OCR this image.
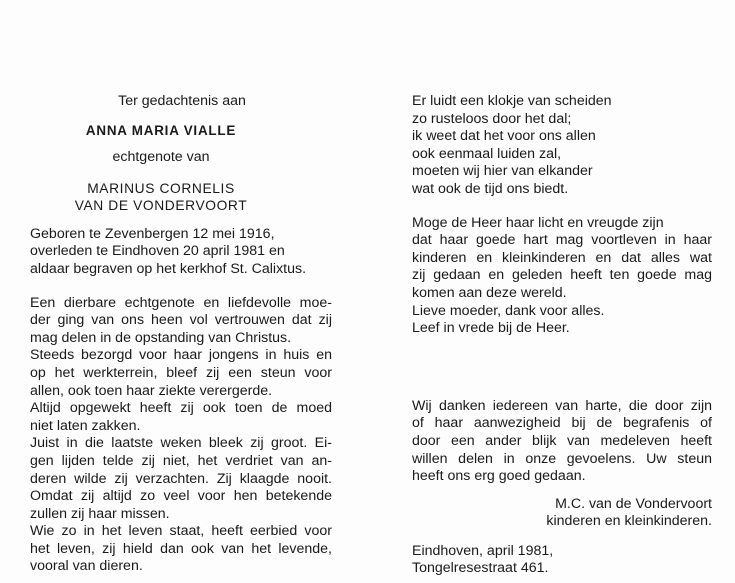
Ter gedachtenis aan
ANNA MARIA VIALLE
echtgenote van
MARINUS CORNELIS
VAN DE VONDERVOORT
Geboren te Zevenbergen 12 mei 1916,
overleden te Eindhoven 20 april 1981 en
aldaar begraven op het kerkhof St. Calixtus.
Een dierbare echtgenote en liefdevolle moe-
der ging van ons heen vol vertrouwen dat zij
mag delen in de opstanding van Christus.
Steeds bezorgd voor haar jongens in huis en
op het werkterrein, bleef zij een steun voor
allen, ook toen haar ziekte verergerde.
Altijd opgewekt heeft zij ook toen de moed
niet laten zakken.
Juist in die laatste weken bleek zij groot. Ei-
gen lijden telde zij niet, het verdriet van an-
deren wilde zij verzachten. Zij klaagde nooit.
Omdat zij altijd zo veel voor hen betekende
zullen zij haar missen.
Wie zo in het leven staat, heeft eerbied voor
het leven, zij hield dan ook van het levende,
vooral van dieren.
Er luidt een klokje van scheiden
zo rusteloos door het dal;
ik weet dat het voor ons allen
ook eenmaal luiden zal,
moeten wij hier van elkander
wat ook de tijd ons biedt.
Moge de Heer haar licht en vreugde zijn
dat haar goede hart mag voortleven in haar
kinderen en kleinkinderen en dat alles wat
zij gedaan en geleden heeft ten goede mag
komen aan deze wereld.
Lieve moeder, dank voor alles.
Leef in vrede bij de Heer.
Wij danken iedereen van harte, die door zijn
of haar aanwezigheid bij de begrafenis of
door een ander blijk van medeleven heeft
willen delen in onze gevoelens. Uw steun
heeft ons erg goed gedaan.
M.C. van de Vondervoort
kinderen en kleinkinderen.
Eindhoven, april 1981,
Tongelresestraat 461.
